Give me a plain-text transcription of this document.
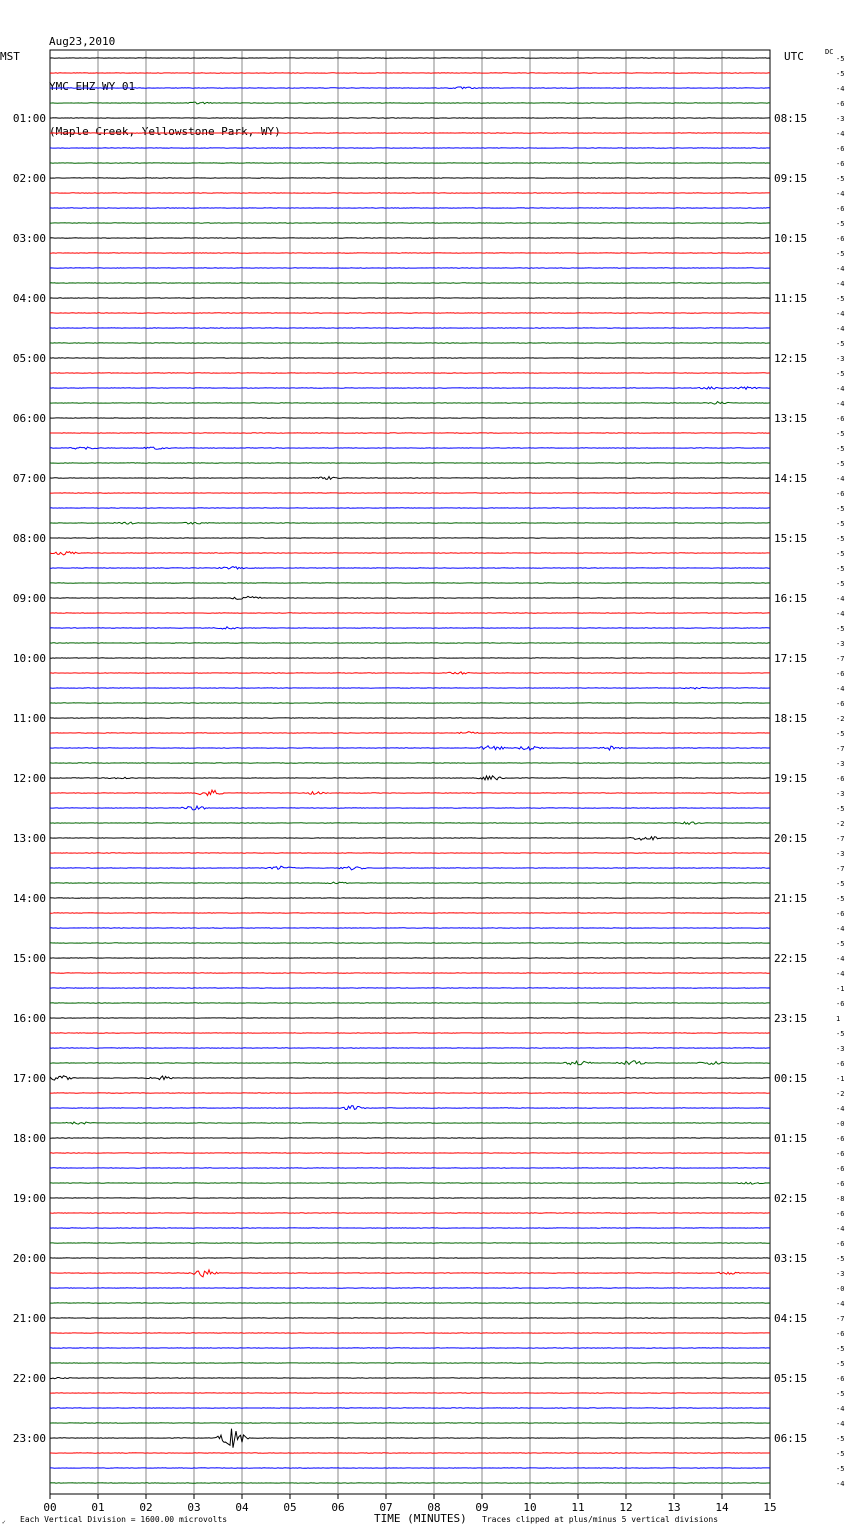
Aug23,2010

YMC EHZ WY 01

(Maple Creek, Yellowstone Park, WY)

MST	UTC	DC
-5
-5
-4
-6
-3
-4
-6
-6
-5
-4
-6
-5
-6
-5
-4
-4
-5
-4
-4
-5
-3
-5
-4
-4
-6
-5
-5
-5
-4
-6
-5
-5
-5
-5
-5
-5
-4
-4
-5
-3
-7
-6
-4
-6
-2
-5
-7
-3
-6
-3
-5
-2
-7
-3
-7
-5
-5
-6
-4
-5
-4
-4
-1
-6
1
-5
-3
-6
-1
-2
-4
-0
-6
-6
-6
-6
-8
-6
-4
-6
-5
-3
-0
-4
-7
-6
-5
-5
-6
-5
-4
-4
-5
-5
-5
-4
01:00	08:15
02:00	09:15
03:00	10:15
04:00	11:15
05:00	12:15
06:00	13:15
07:00	14:15
08:00	15:15
09:00	16:15
10:00	17:15
11:00	18:15
12:00	19:15
13:00	20:15
14:00	21:15
15:00	22:15
16:00	23:15
17:00	00:15
18:00	01:15
19:00	02:15
20:00	03:15
21:00	04:15
22:00	05:15
23:00	06:15
00	01	02	03	04	05	06	07	08	09	10	11	12	13	14	15
✓ Each Vertical Division = 1600.00 microvolts	TIME (MINUTES) Traces clipped at plus/minus 5 vertical divisions
